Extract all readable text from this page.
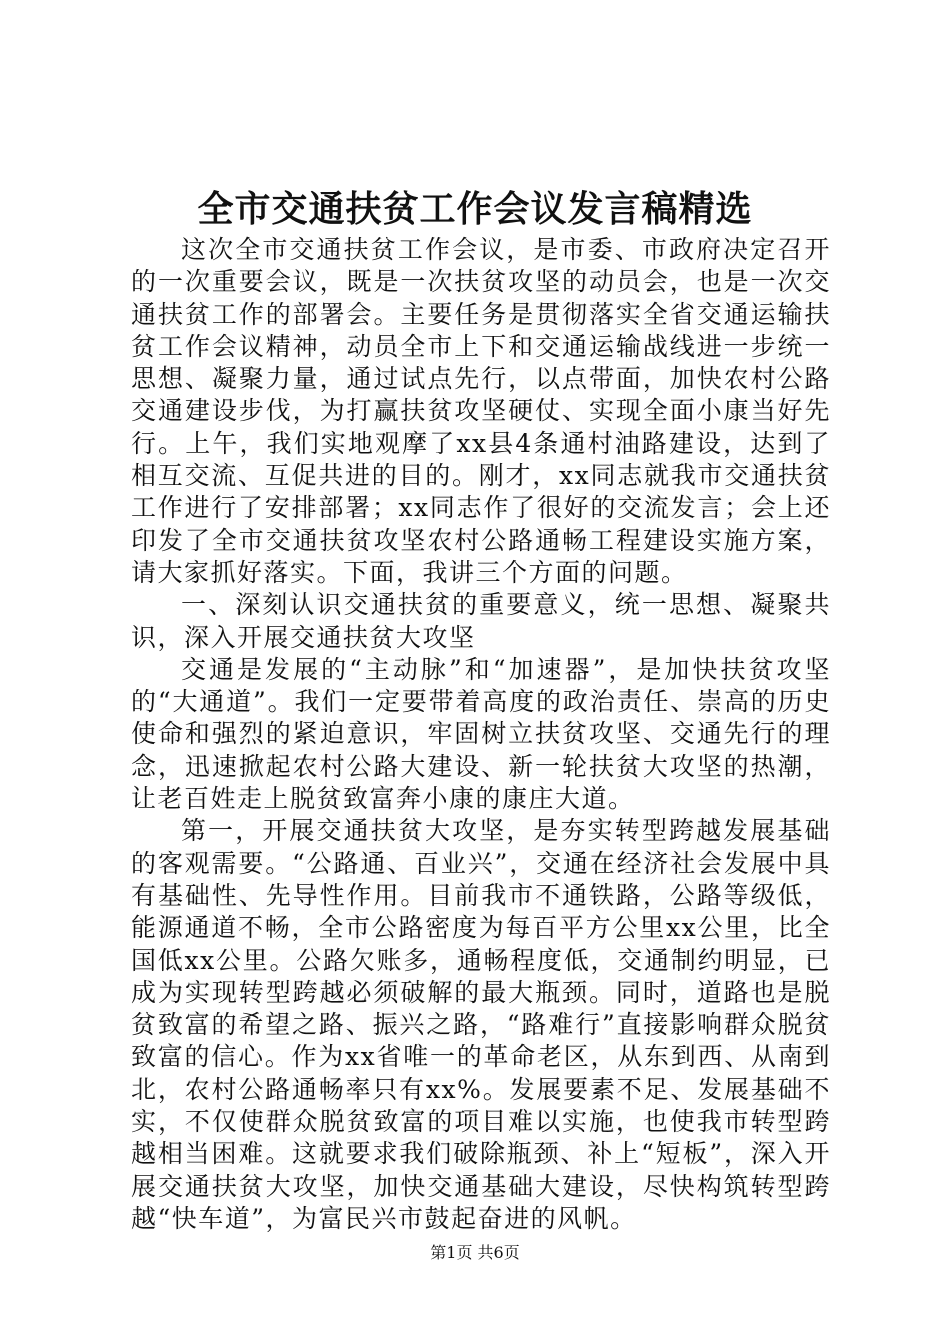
全市交通扶贫工作会议发言稿精选

这次全市交通扶贫工作会议，是市委、市政府决定召开的一次重要会议，既是一次扶贫攻坚的动员会，也是一次交通扶贫工作的部署会。主要任务是贯彻落实全省交通运输扶贫工作会议精神，动员全市上下和交通运输战线进一步统一思想、凝聚力量，通过试点先行，以点带面，加快农村公路交通建设步伐，为打赢扶贫攻坚硬仗、实现全面小康当好先行。上午，我们实地观摩了xx县4条通村油路建设，达到了相互交流、互促共进的目的。刚才，xx同志就我市交通扶贫工作进行了安排部署；xx同志作了很好的交流发言；会上还印发了全市交通扶贫攻坚农村公路通畅工程建设实施方案，请大家抓好落实。下面，我讲三个方面的问题。

一、深刻认识交通扶贫的重要意义，统一思想、凝聚共识，深入开展交通扶贫大攻坚

交通是发展的“主动脉”和“加速器”，是加快扶贫攻坚的“大通道”。我们一定要带着高度的政治责任、崇高的历史使命和强烈的紧迫意识，牢固树立扶贫攻坚、交通先行的理念，迅速掀起农村公路大建设、新一轮扶贫大攻坚的热潮，让老百姓走上脱贫致富奔小康的康庄大道。

第一，开展交通扶贫大攻坚，是夯实转型跨越发展基础的客观需要。“公路通、百业兴”，交通在经济社会发展中具有基础性、先导性作用。目前我市不通铁路，公路等级低，能源通道不畅，全市公路密度为每百平方公里xx公里，比全国低xx公里。公路欠账多，通畅程度低，交通制约明显，已成为实现转型跨越必须破解的最大瓶颈。同时，道路也是脱贫致富的希望之路、振兴之路，“路难行”直接影响群众脱贫致富的信心。作为xx省唯一的革命老区，从东到西、从南到北，农村公路通畅率只有xx%。发展要素不足、发展基础不实，不仅使群众脱贫致富的项目难以实施，也使我市转型跨越相当困难。这就要求我们破除瓶颈、补上“短板”，深入开展交通扶贫大攻坚，加快交通基础大建设，尽快构筑转型跨越“快车道”，为富民兴市鼓起奋进的风帆。

第1页 共6页
